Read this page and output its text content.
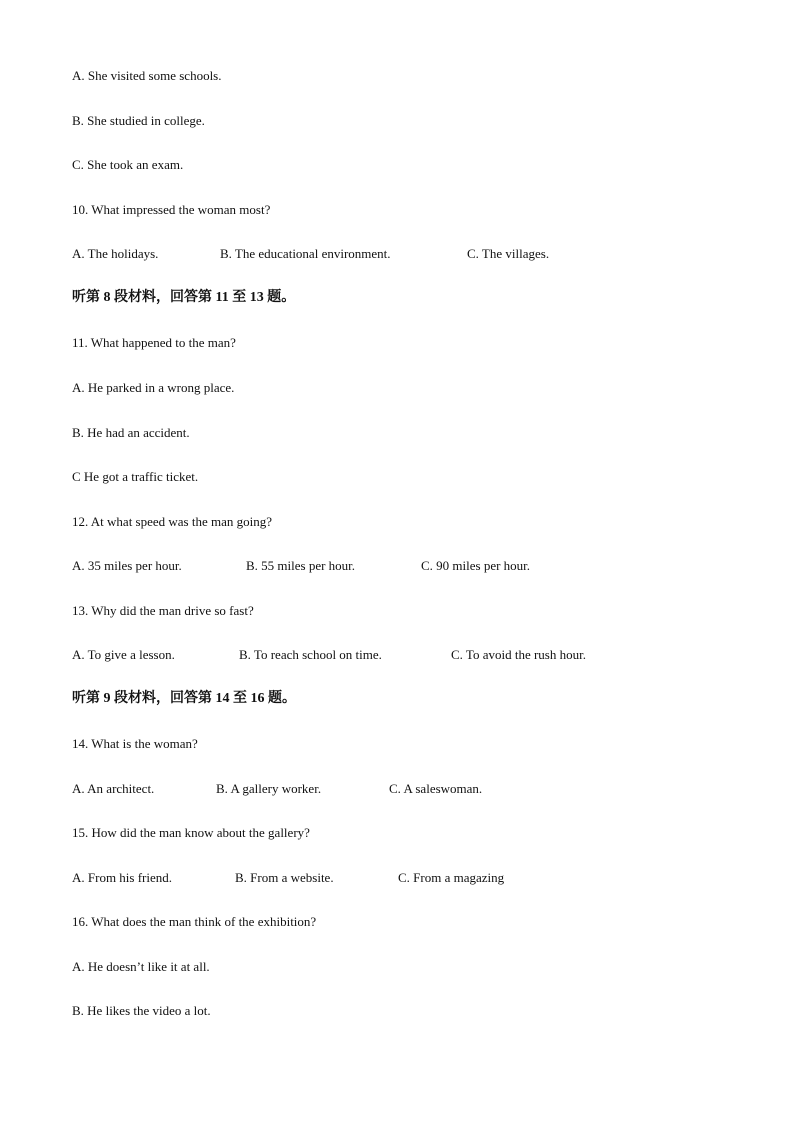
A. She visited some schools.
B. She studied in college.
C. She took an exam.
10. What impressed the woman most?
A. The holidays.	B. The educational environment.	C. The villages.
听第 8 段材料，回答第 11 至 13 题。
11. What happened to the man?
A. He parked in a wrong place.
B. He had an accident.
C He got a traffic ticket.
12. At what speed was the man going?
A. 35 miles per hour.	B. 55 miles per hour.	C. 90 miles per hour.
13. Why did the man drive so fast?
A. To give a lesson.	B. To reach school on time.	C. To avoid the rush hour.
听第 9 段材料，回答第 14 至 16 题。
14. What is the woman?
A. An architect.	B. A gallery worker.	C. A saleswoman.
15. How did the man know about the gallery?
A. From his friend.	B. From a website.	C. From a magazing
16. What does the man think of the exhibition?
A. He doesn’t like it at all.
B. He likes the video a lot.
